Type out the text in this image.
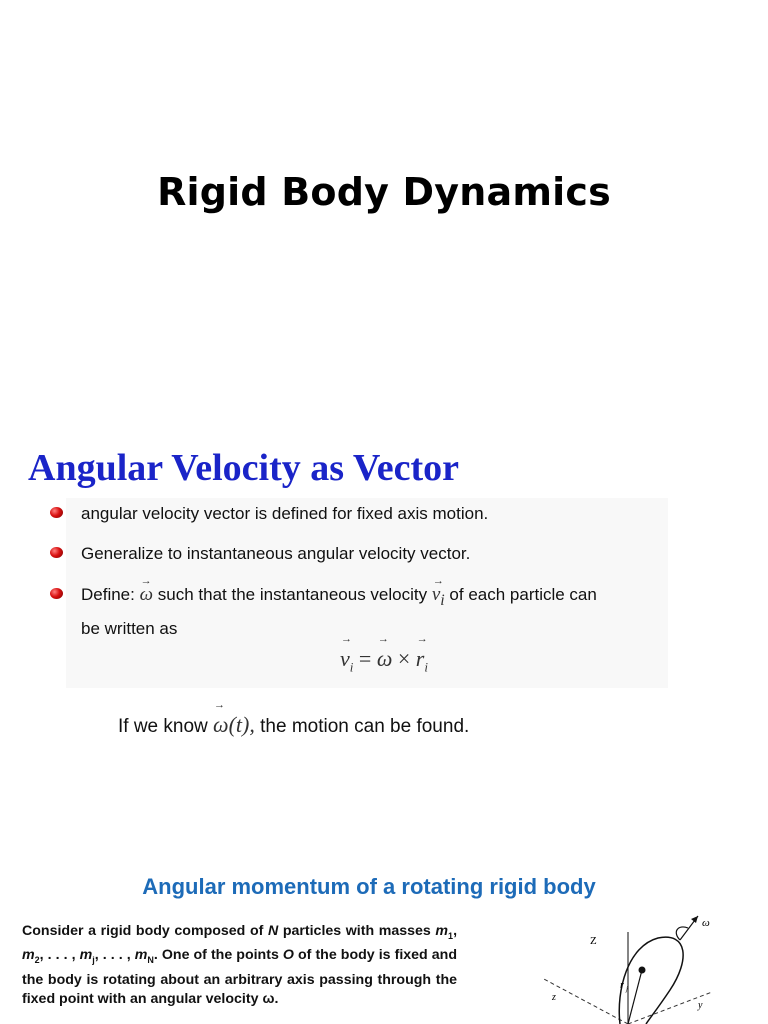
Rigid Body Dynamics
Angular Velocity as Vector
angular velocity vector is defined for fixed axis motion.
Generalize to instantaneous angular velocity vector.
Define: → ω such that the instantaneous velocity → $v_i$ of each particle can
be written as
→ $v_i$ = → ω × → $r_i$
If we know → ω(t), the motion can be found.
Angular momentum of a rotating rigid body
Consider a rigid body composed of N particles with masses $m_1$, $m_2$, . . . , $m_j$, . . . , $m_N$. One of the points O of the body is fixed and the body is rotating about an arbitrary axis passing through the fixed point with an angular velocity ω.
Z
z
y
r j
ω
